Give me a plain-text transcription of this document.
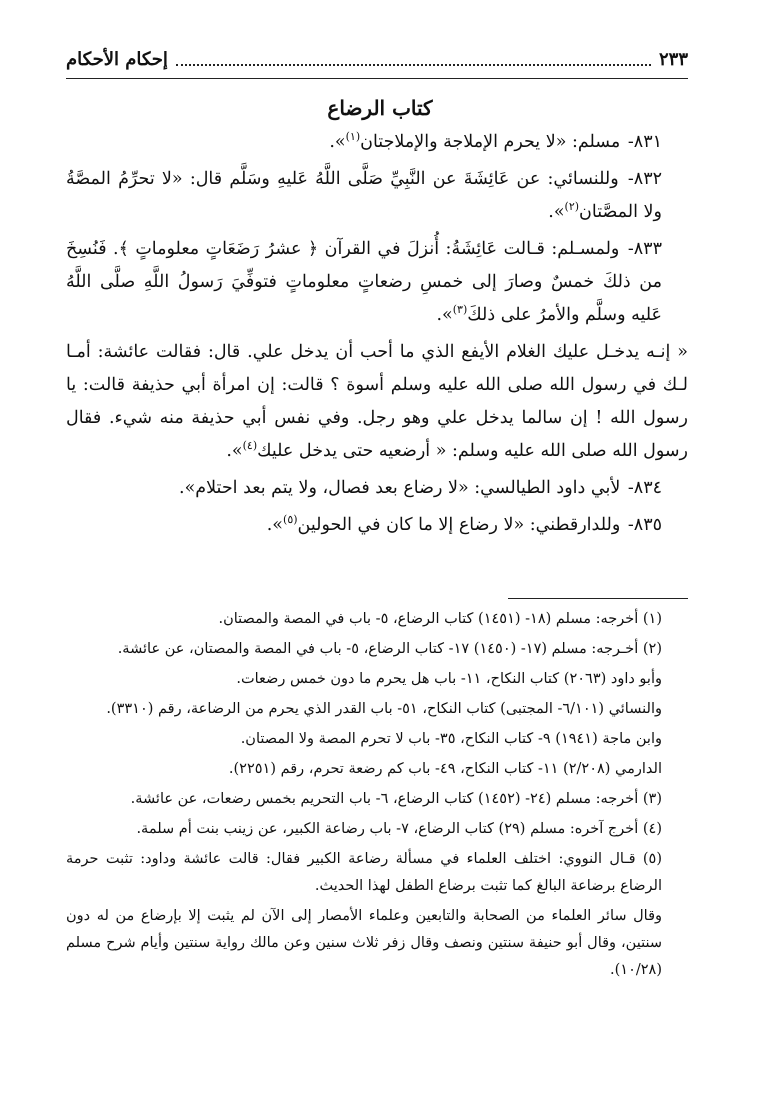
٢٣٣
إحكام الأحكام
كتاب الرضاع

٨٣١- مسلم: «لا يحرم الإملاجة والإملاجتان$^{(١)}$».

٨٣٢- وللنسائي: عن عَائِشَةَ عن النَّبِيِّ صَلَّى اللَّهُ عَليهِ وسَلَّم قال: «لا تحرِّمُ المصَّةُ ولا المصَّتان$^{(٢)}$».

٨٣٣- ولمسـلم: قـالت عَائِشَةُ: أُنزلَ في القرآن ﴿ عشرُ رَضَعَاتٍ معلوماتٍ ﴾. فَنُسِخَ من ذلكَ خمسٌ وصارَ إلى خمسِ رضعاتٍ معلوماتٍ فتوفِّيَ رَسولُ اللَّهِ صلَّى اللَّهُ عَليه وسلَّم والأمرُ على ذلكَ$^{(٣)}$».

« إنـه يدخـل عليك الغلام الأيفع الذي ما أحب أن يدخل علي. قال: فقالت عائشة: أمـا لـك في رسول الله صلى الله عليه وسلم أسوة ؟ قالت: إن امرأة أبي حذيفة قالت: يا رسول الله ! إن سالما يدخل علي وهو رجل. وفي نفس أبي حذيفة منه شيء. فقال رسول الله صلى الله عليه وسلم: « أرضعيه حتى يدخل عليك$^{(٤)}$».

٨٣٤- لأبي داود الطيالسي: «لا رضاع بعد فصال، ولا يتم بعد احتلام».

٨٣٥- وللدارقطني: «لا رضاع إلا ما كان في الحولين$^{(٥)}$».

(١) أخرجه: مسلم (١٨- (١٤٥١) كتاب الرضاع، ٥- باب في المصة والمصتان.

(٢) أخـرجه: مسلم (١٧- (١٤٥٠) ١٧- كتاب الرضاع، ٥- باب في المصة والمصتان، عن عائشة.

وأبو داود (٢٠٦٣) كتاب النكاح، ١١- باب هل يحرم ما دون خمس رضعات.

والنسائي (٦/١٠١- المجتبى) كتاب النكاح، ٥١- باب القدر الذي يحرم من الرضاعة، رقم (٣٣١٠).

وابن ماجة (١٩٤١) ٩- كتاب النكاح، ٣٥- باب لا تحرم المصة ولا المصتان.

الدارمي (٢/٢٠٨) ١١- كتاب النكاح، ٤٩- باب كم رضعة تحرم، رقم (٢٢٥١).

(٣) أخرجه: مسلم (٢٤- (١٤٥٢) كتاب الرضاع، ٦- باب التحريم بخمس رضعات، عن عائشة.

(٤) أخرج آخره: مسلم (٢٩) كتاب الرضاع، ٧- باب رضاعة الكبير، عن زينب بنت أم سلمة.

(٥) قـال النووي: اختلف العلماء في مسألة رضاعة الكبير فقال: قالت عائشة وداود: تثبت حرمة الرضاع برضاعة البالغ كما تثبت برضاع الطفل لهذا الحديث.

وقال سائر العلماء من الصحابة والتابعين وعلماء الأمصار إلى الآن لم يثبت إلا بإرضاع من له دون سنتين، وقال أبو حنيفة سنتين ونصف وقال زفر ثلاث سنين وعن مالك رواية سنتين وأيام شرح مسلم (١٠/٢٨).
